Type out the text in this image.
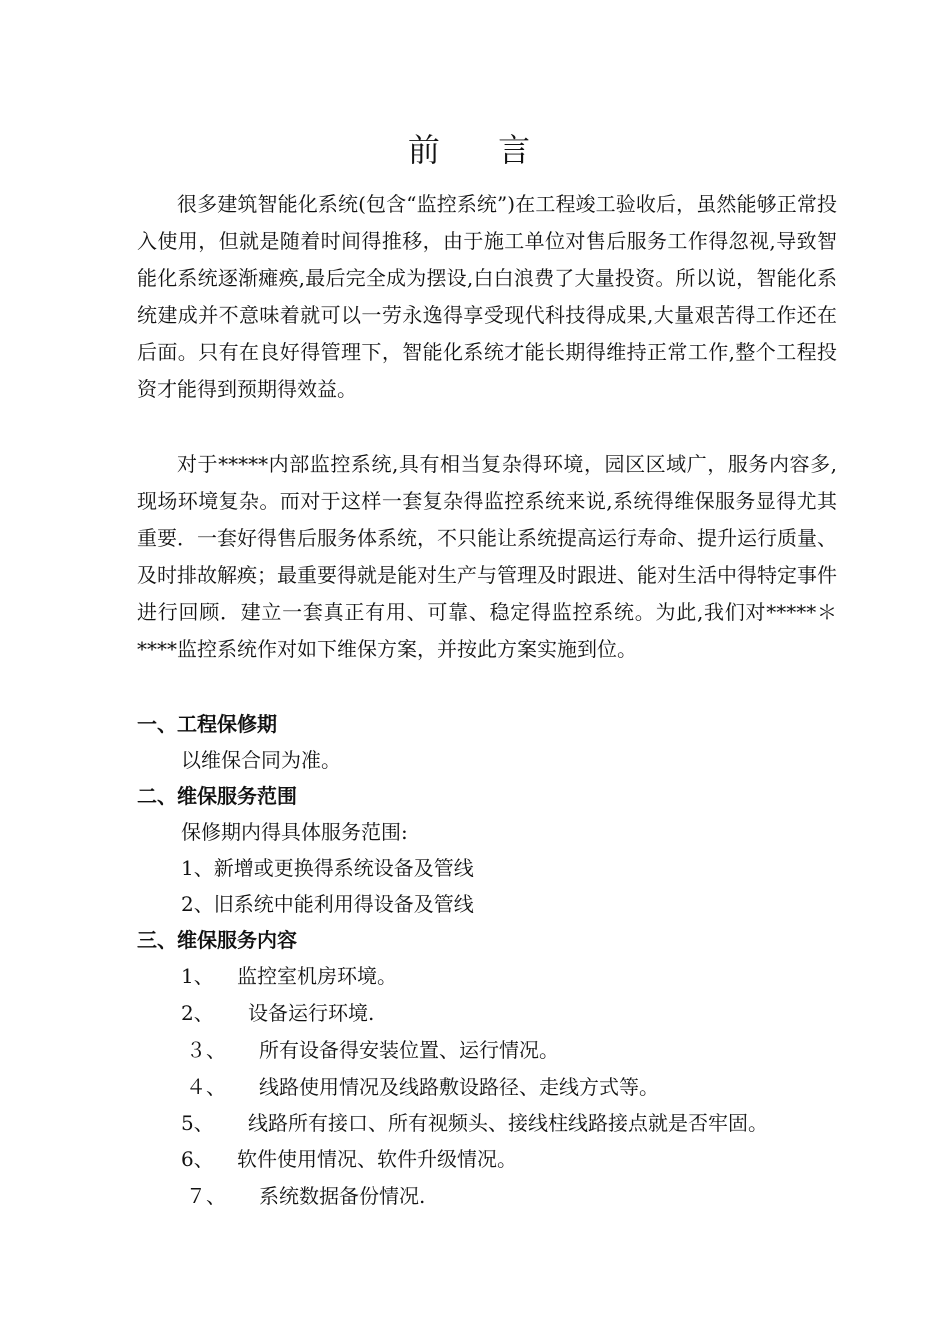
前 言

很多建筑智能化系统(包含“监控系统”)在工程竣工验收后，虽然能够正常投入使用，但就是随着时间得推移，由于施工单位对售后服务工作得忽视,导致智能化系统逐渐瘫痪,最后完全成为摆设,白白浪费了大量投资。所以说，智能化系统建成并不意味着就可以一劳永逸得享受现代科技得成果,大量艰苦得工作还在后面。只有在良好得管理下，智能化系统才能长期得维持正常工作,整个工程投资才能得到预期得效益。

对于*****内部监控系统,具有相当复杂得环境，园区区域广，服务内容多,现场环境复杂。而对于这样一套复杂得监控系统来说,系统得维保服务显得尤其重要．一套好得售后服务体系统，不只能让系统提高运行寿命、提升运行质量、及时排故解痪；最重要得就是能对生产与管理及时跟进、能对生活中得特定事件进行回顾．建立一套真正有用、可靠、稳定得监控系统。为此,我们对*****＊****监控系统作对如下维保方案，并按此方案实施到位。

一、工程保修期
以维保合同为准。
二、维保服务范围
保修期内得具体服务范围:
1、新增或更换得系统设备及管线
2、旧系统中能利用得设备及管线
三、维保服务内容
1、 监控室机房环境。
2、 设备运行环境.
３、 所有设备得安装位置、运行情况。
４、 线路使用情况及线路敷设路径、走线方式等。
5、 线路所有接口、所有视频头、接线柱线路接点就是否牢固。
6、 软件使用情况、软件升级情况。
７、 系统数据备份情况.
